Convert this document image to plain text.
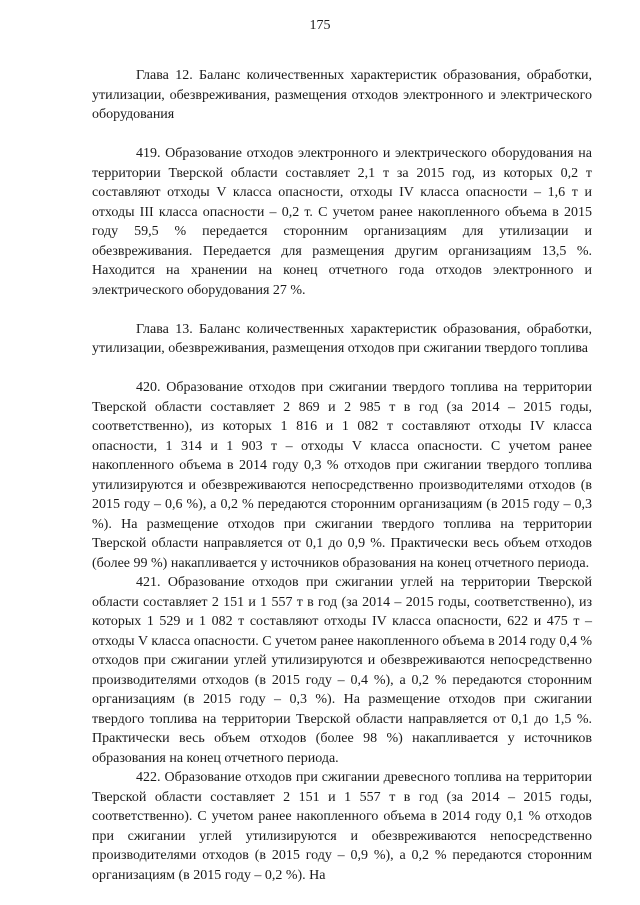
175

Глава 12. Баланс количественных характеристик образования, обработки, утилизации, обезвреживания, размещения отходов электронного и электрического оборудования

419. Образование отходов электронного и электрического оборудования на территории Тверской области составляет 2,1 т за 2015 год, из которых 0,2 т составляют отходы V класса опасности, отходы IV класса опасности – 1,6 т и отходы III класса опасности – 0,2 т. С учетом ранее накопленного объема в 2015 году 59,5 % передается сторонним организациям для утилизации и обезвреживания. Передается для размещения другим организациям 13,5 %. Находится на хранении на конец отчетного года отходов электронного и электрического оборудования 27 %.

Глава 13. Баланс количественных характеристик образования, обработки, утилизации, обезвреживания, размещения отходов при сжигании твердого топлива

420. Образование отходов при сжигании твердого топлива на территории Тверской области составляет 2 869 и 2 985 т в год (за 2014 – 2015 годы, соответственно), из которых 1 816 и 1 082 т составляют отходы IV класса опасности, 1 314 и 1 903 т – отходы V класса опасности. С учетом ранее накопленного объема в 2014 году 0,3 % отходов при сжигании твердого топлива утилизируются и обезвреживаются непосредственно производителями отходов (в 2015 году – 0,6 %), а 0,2 % передаются сторонним организациям (в 2015 году – 0,3 %). На размещение отходов при сжигании твердого топлива на территории Тверской области направляется от 0,1 до 0,9 %. Практически весь объем отходов (более 99 %) накапливается у источников образования на конец отчетного периода.

421. Образование отходов при сжигании углей на территории Тверской области составляет 2 151 и 1 557 т в год (за 2014 – 2015 годы, соответственно), из которых 1 529 и 1 082 т составляют отходы IV класса опасности, 622 и 475 т – отходы V класса опасности. С учетом ранее накопленного объема в 2014 году 0,4 % отходов при сжигании углей утилизируются и обезвреживаются непосредственно производителями отходов (в 2015 году – 0,4 %), а 0,2 % передаются сторонним организациям (в 2015 году – 0,3 %). На размещение отходов при сжигании твердого топлива на территории Тверской области направляется от 0,1 до 1,5 %. Практически весь объем отходов (более 98 %) накапливается у источников образования на конец отчетного периода.

422. Образование отходов при сжигании древесного топлива на территории Тверской области составляет 2 151 и 1 557 т в год (за 2014 – 2015 годы, соответственно). С учетом ранее накопленного объема в 2014 году 0,1 % отходов при сжигании углей утилизируются и обезвреживаются непосредственно производителями отходов (в 2015 году – 0,9 %), а 0,2 % передаются сторонним организациям (в 2015 году – 0,2 %). На
